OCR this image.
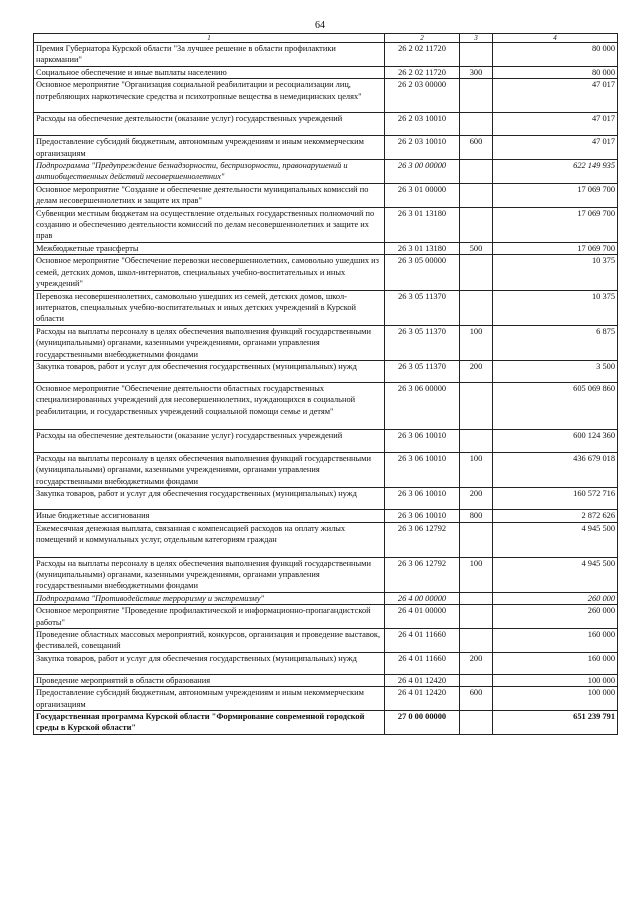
64
1	2	3	4
Премия Губернатора Курской области "За лучшее решение в области профилактики наркомании"	26 2 02 11720		80 000
Социальное обеспечение и иные выплаты населению	26 2 02 11720	300	80 000
Основное мероприятие "Организация социальной реабилитации и ресоциализации лиц, потребляющих наркотические средства и психотропные вещества в немедицинских целях"	26 2 03 00000		47 017
Расходы на обеспечение деятельности (оказание услуг) государственных учреждений	26 2 03 10010		47 017
Предоставление субсидий бюджетным, автономным учреждениям и иным некоммерческим организациям	26 2 03 10010	600	47 017
Подпрограмма "Предупреждение безнадзорности, беспризорности, правонарушений и антиобщественных действий несовершеннолетних"	26 3 00 00000		622 149 935
Основное мероприятие "Создание и обеспечение деятельности муниципальных комиссий по делам несовершеннолетних и защите их прав"	26 3 01 00000		17 069 700
Субвенции местным бюджетам на осуществление отдельных государственных полномочий по созданию и обеспечению деятельности комиссий по делам несовершеннолетних и защите их прав	26 3 01 13180		17 069 700
Межбюджетные трансферты	26 3 01 13180	500	17 069 700
Основное мероприятие "Обеспечение перевозки несовершеннолетних, самовольно ушедших из семей, детских домов, школ-интернатов, специальных учебно-воспитательных и иных учреждений"	26 3 05 00000		10 375
Перевозка несовершеннолетних, самовольно ушедших из семей, детских домов, школ-интернатов, специальных учебно-воспитательных и иных детских учреждений в Курской области	26 3 05 11370		10 375
Расходы на выплаты персоналу в целях обеспечения выполнения функций государственными (муниципальными) органами, казенными учреждениями, органами управления государственными внебюджетными фондами	26 3 05 11370	100	6 875
Закупка товаров, работ и услуг для обеспечения государственных (муниципальных) нужд	26 3 05 11370	200	3 500
Основное мероприятие "Обеспечение деятельности областных государственных специализированных учреждений для несовершеннолетних, нуждающихся в социальной реабилитации, и государственных учреждений социальной помощи семье и детям"	26 3 06 00000		605 069 860
Расходы на обеспечение деятельности (оказание услуг) государственных учреждений	26 3 06 10010		600 124 360
Расходы на выплаты персоналу в целях обеспечения выполнения функций государственными (муниципальными) органами, казенными учреждениями, органами управления государственными внебюджетными фондами	26 3 06 10010	100	436 679 018
Закупка товаров, работ и услуг для обеспечения государственных (муниципальных) нужд	26 3 06 10010	200	160 572 716
Иные бюджетные ассигнования	26 3 06 10010	800	2 872 626
Ежемесячная денежная выплата, связанная с компенсацией расходов на оплату жилых помещений и коммунальных услуг, отдельным категориям граждан	26 3 06 12792		4 945 500
Расходы на выплаты персоналу в целях обеспечения выполнения функций государственными (муниципальными) органами, казенными учреждениями, органами управления государственными внебюджетными фондами	26 3 06 12792	100	4 945 500
Подпрограмма "Противодействие терроризму и экстремизму"	26 4 00 00000		260 000
Основное мероприятие "Проведение профилактической и информационно-пропагандистской работы"	26 4 01 00000		260 000
Проведение областных массовых мероприятий, конкурсов, организация и проведение выставок, фестивалей, совещаний	26 4 01 11660		160 000
Закупка товаров, работ и услуг для обеспечения государственных (муниципальных) нужд	26 4 01 11660	200	160 000
Проведение мероприятий в области образования	26 4 01 12420		100 000
Предоставление субсидий бюджетным, автономным учреждениям и иным некоммерческим организациям	26 4 01 12420	600	100 000
Государственная программа Курской области "Формирование современной городской среды в Курской области"	27 0 00 00000		651 239 791
